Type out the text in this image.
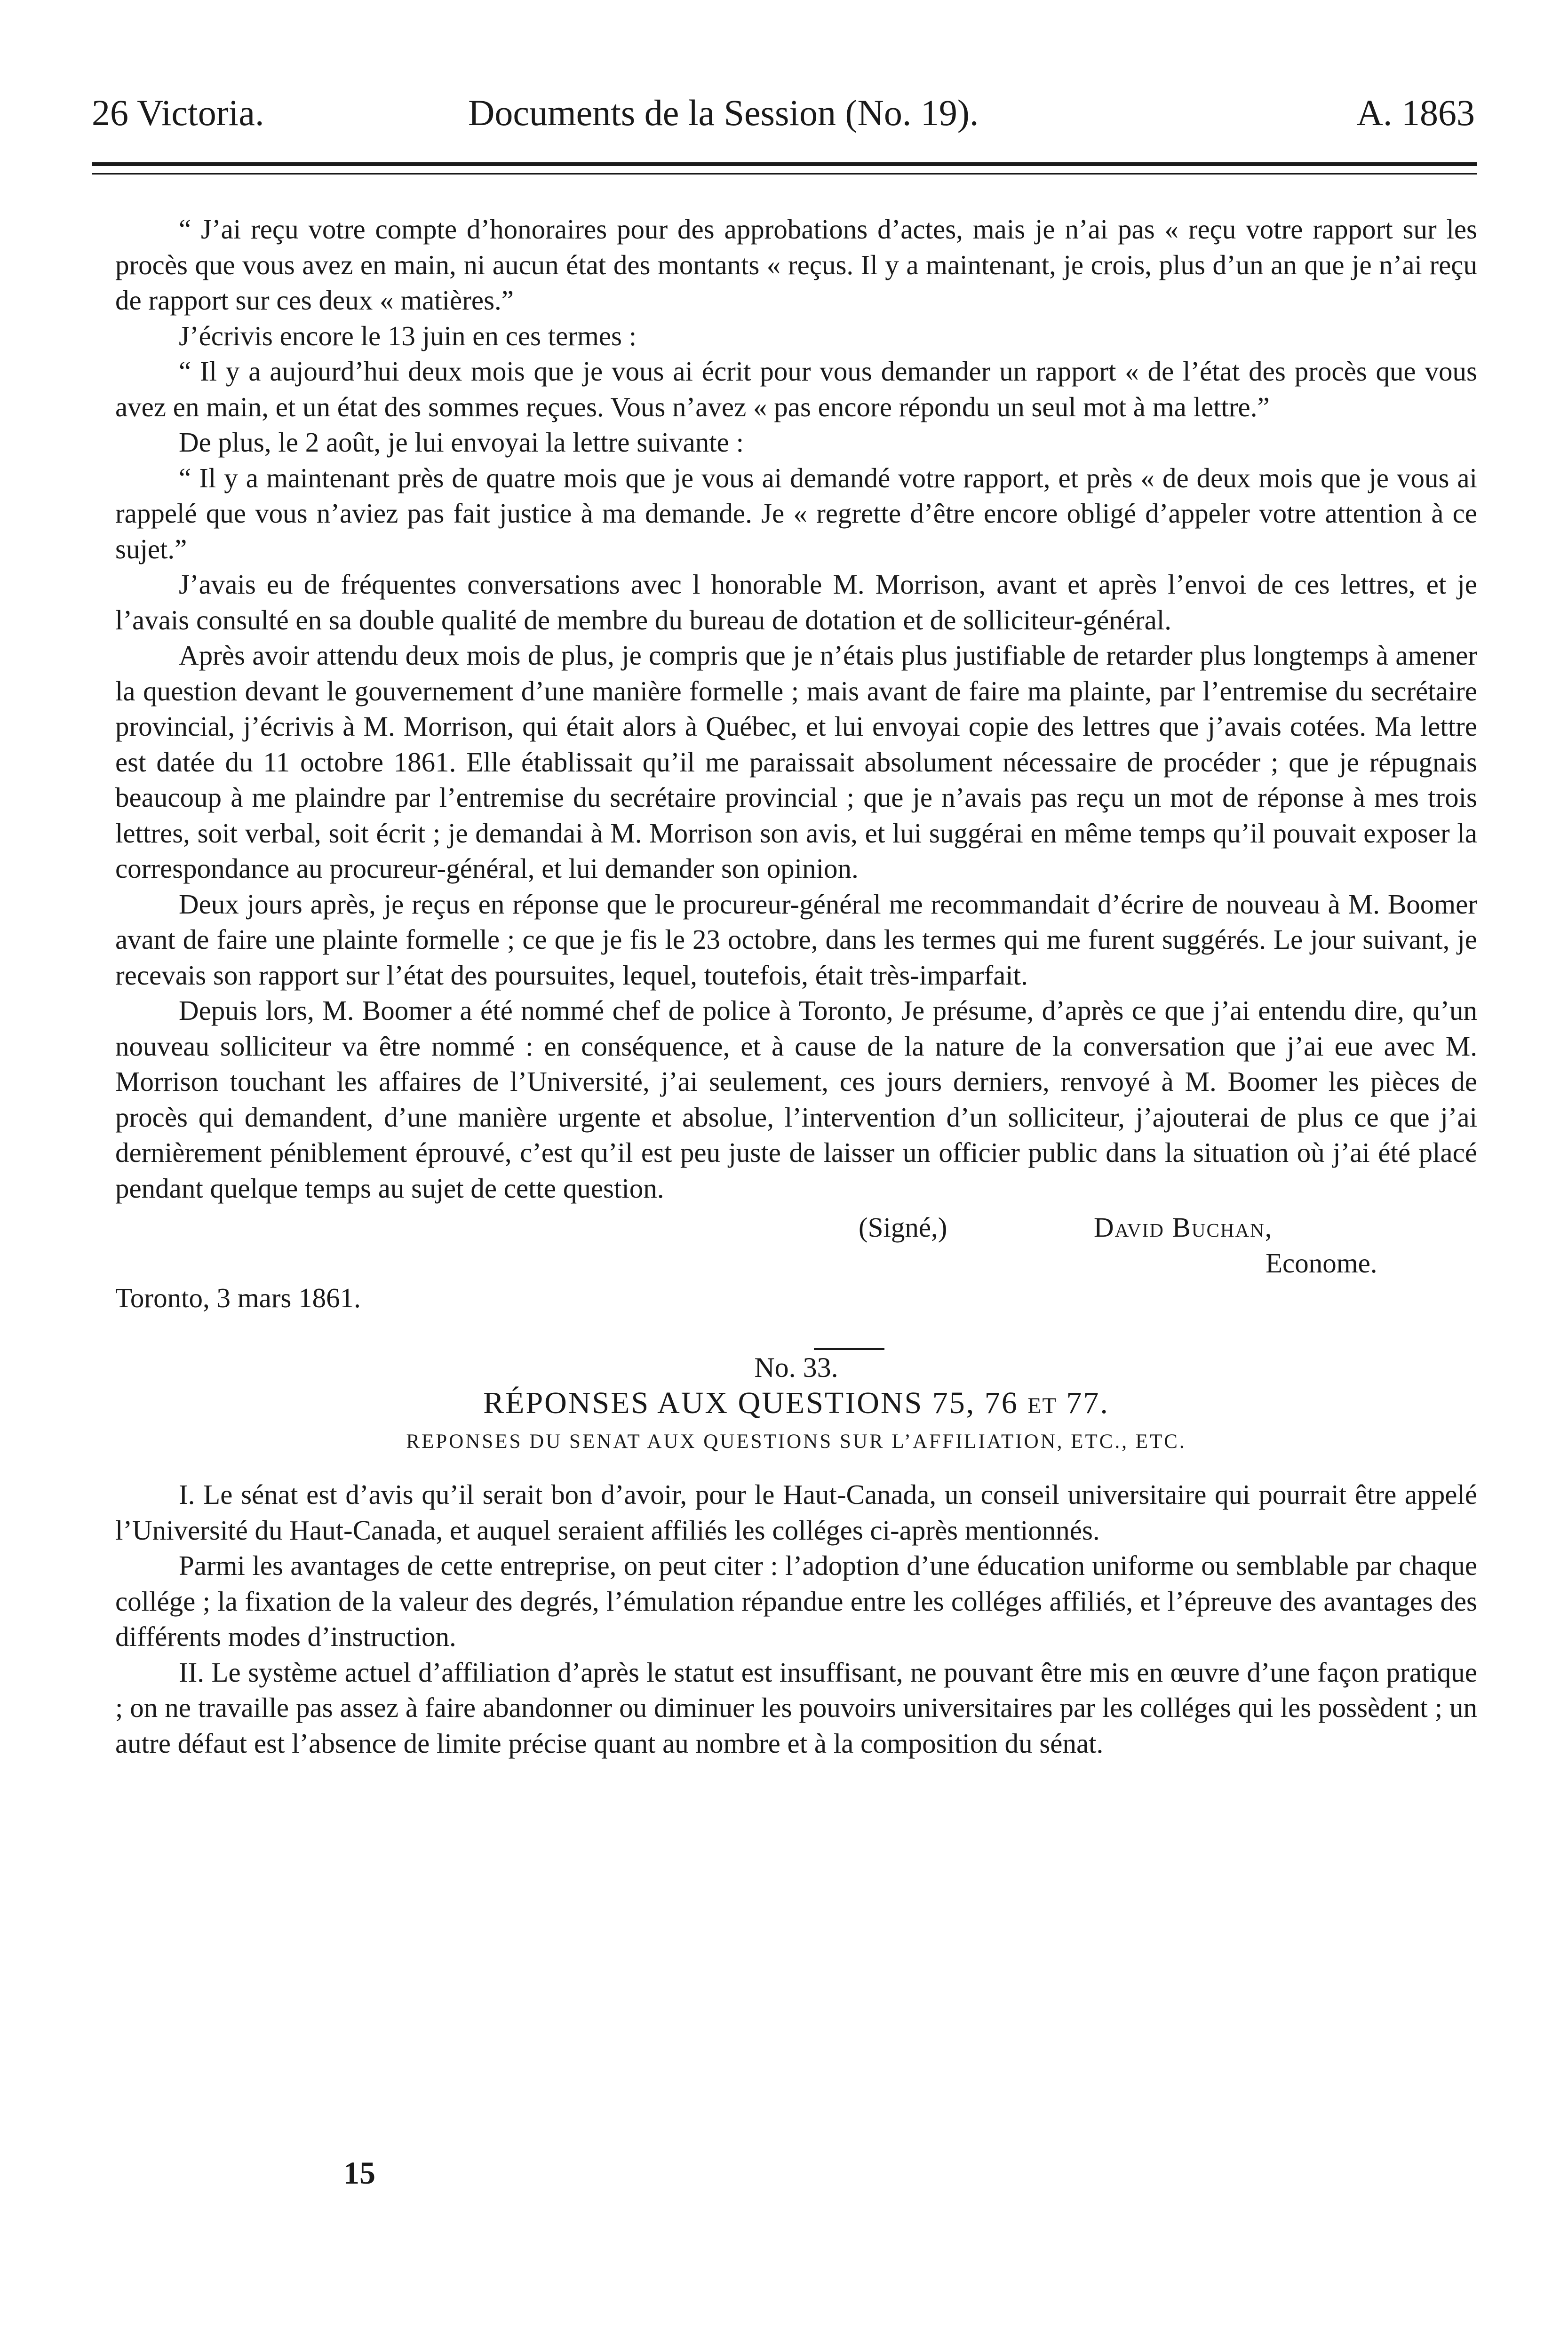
26 Victoria.	Documents de la Session (No. 19).	A. 1863

“ J’ai reçu votre compte d’honoraires pour des approbations d’actes, mais je n’ai pas « reçu votre rapport sur les procès que vous avez en main, ni aucun état des montants « reçus. Il y a maintenant, je crois, plus d’un an que je n’ai reçu de rapport sur ces deux « matières.”

J’écrivis encore le 13 juin en ces termes :

“ Il y a aujourd’hui deux mois que je vous ai écrit pour vous demander un rapport « de l’état des procès que vous avez en main, et un état des sommes reçues. Vous n’avez « pas encore répondu un seul mot à ma lettre.”

De plus, le 2 août, je lui envoyai la lettre suivante :

“ Il y a maintenant près de quatre mois que je vous ai demandé votre rapport, et près « de deux mois que je vous ai rappelé que vous n’aviez pas fait justice à ma demande. Je « regrette d’être encore obligé d’appeler votre attention à ce sujet.”

J’avais eu de fréquentes conversations avec l honorable M. Morrison, avant et après l’envoi de ces lettres, et je l’avais consulté en sa double qualité de membre du bureau de dotation et de solliciteur-général.

Après avoir attendu deux mois de plus, je compris que je n’étais plus justifiable de retarder plus longtemps à amener la question devant le gouvernement d’une manière formelle ; mais avant de faire ma plainte, par l’entremise du secrétaire provincial, j’écrivis à M. Morrison, qui était alors à Québec, et lui envoyai copie des lettres que j’avais cotées. Ma lettre est datée du 11 octobre 1861. Elle établissait qu’il me paraissait absolument nécessaire de procéder ; que je répugnais beaucoup à me plaindre par l’entremise du secrétaire provincial ; que je n’avais pas reçu un mot de réponse à mes trois lettres, soit verbal, soit écrit ; je demandai à M. Morrison son avis, et lui suggérai en même temps qu’il pouvait exposer la correspondance au procureur-général, et lui demander son opinion.

Deux jours après, je reçus en réponse que le procureur-général me recommandait d’écrire de nouveau à M. Boomer avant de faire une plainte formelle ; ce que je fis le 23 octobre, dans les termes qui me furent suggérés. Le jour suivant, je recevais son rapport sur l’état des poursuites, lequel, toutefois, était très-imparfait.

Depuis lors, M. Boomer a été nommé chef de police à Toronto, Je présume, d’après ce que j’ai entendu dire, qu’un nouveau solliciteur va être nommé : en conséquence, et à cause de la nature de la conversation que j’ai eue avec M. Morrison touchant les affaires de l’Université, j’ai seulement, ces jours derniers, renvoyé à M. Boomer les pièces de procès qui demandent, d’une manière urgente et absolue, l’intervention d’un solliciteur, j’ajouterai de plus ce que j’ai dernièrement péniblement éprouvé, c’est qu’il est peu juste de laisser un officier public dans la situation où j’ai été placé pendant quelque temps au sujet de cette question.

(Signé,)	David Buchan,
Econome.

Toronto, 3 mars 1861.

No. 33.

RÉPONSES AUX QUESTIONS 75, 76 ET 77.

REPONSES DU SENAT AUX QUESTIONS SUR L’AFFILIATION, ETC., ETC.

I. Le sénat est d’avis qu’il serait bon d’avoir, pour le Haut-Canada, un conseil universitaire qui pourrait être appelé l’Université du Haut-Canada, et auquel seraient affiliés les colléges ci-après mentionnés.

Parmi les avantages de cette entreprise, on peut citer : l’adoption d’une éducation uniforme ou semblable par chaque collége ; la fixation de la valeur des degrés, l’émulation répandue entre les colléges affiliés, et l’épreuve des avantages des différents modes d’instruction.

II. Le système actuel d’affiliation d’après le statut est insuffisant, ne pouvant être mis en œuvre d’une façon pratique ; on ne travaille pas assez à faire abandonner ou diminuer les pouvoirs universitaires par les colléges qui les possèdent ; un autre défaut est l’absence de limite précise quant au nombre et à la composition du sénat.

15
